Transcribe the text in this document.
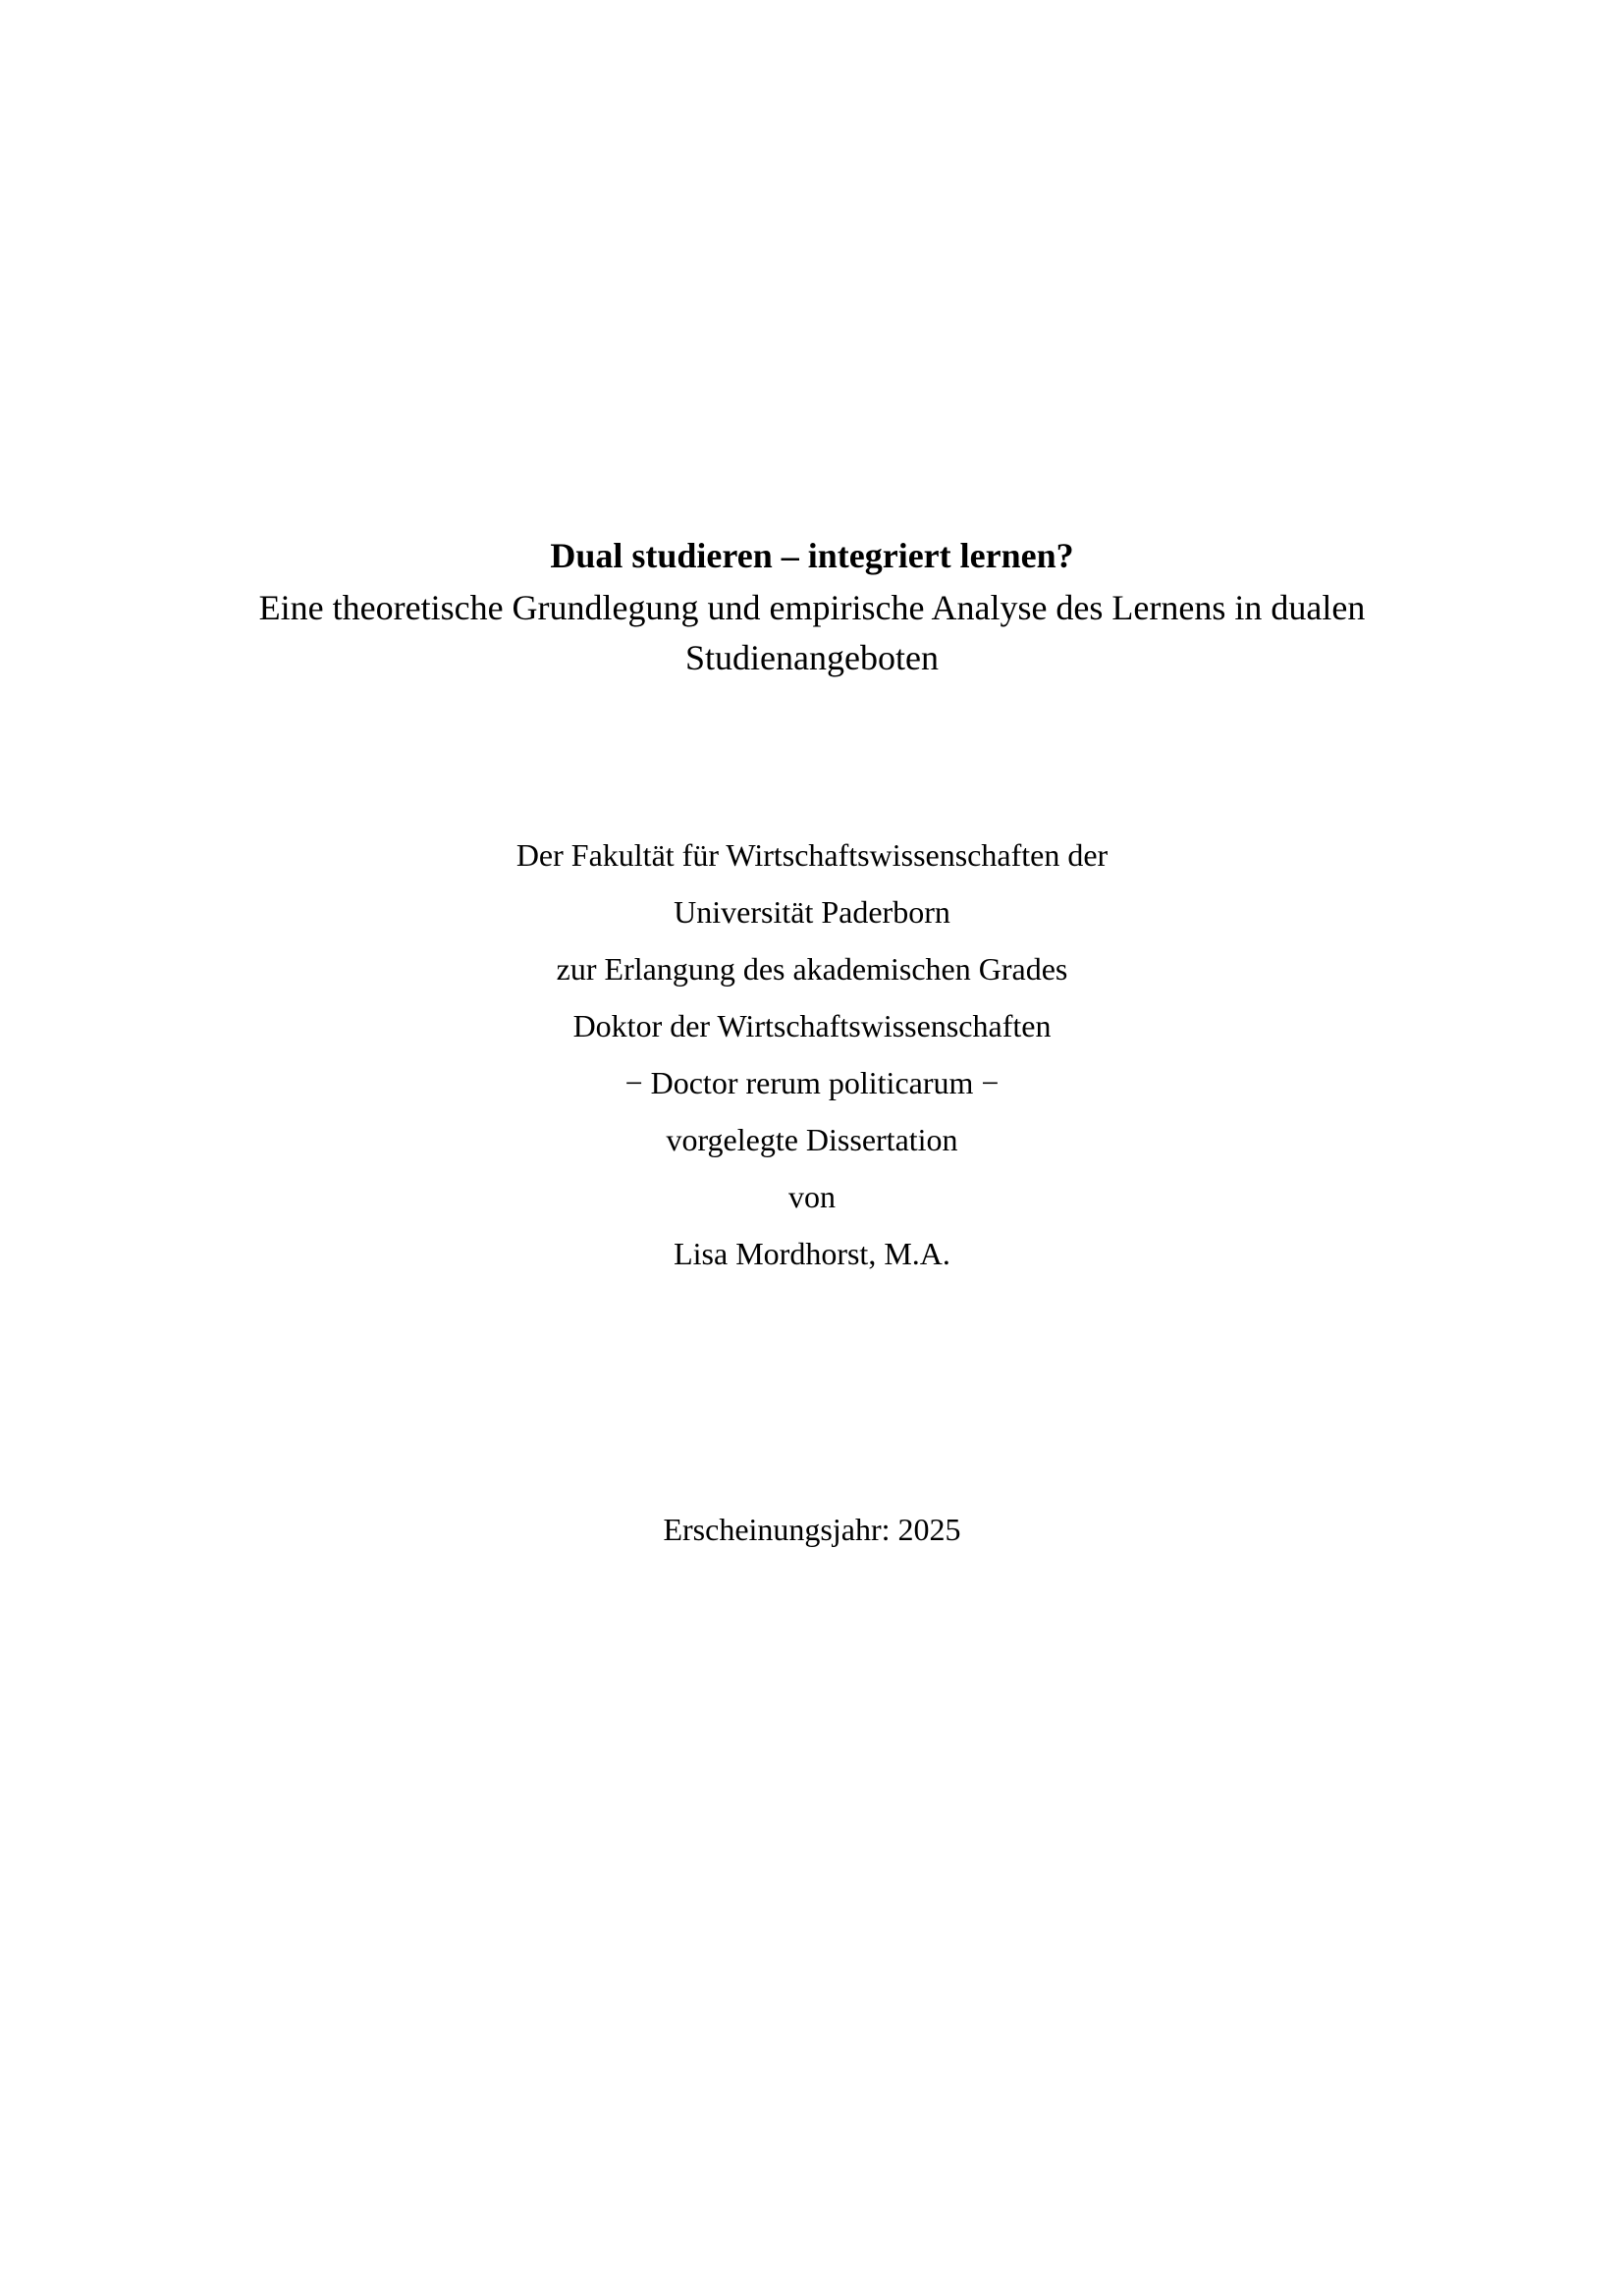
Dual studieren – integriert lernen?

Eine theoretische Grundlegung und empirische Analyse des Lernens in dualen Studienangeboten

Der Fakultät für Wirtschaftswissenschaften der
Universität Paderborn
zur Erlangung des akademischen Grades
Doktor der Wirtschaftswissenschaften
− Doctor rerum politicarum −
vorgelegte Dissertation
von
Lisa Mordhorst, M.A.
Erscheinungsjahr: 2025
